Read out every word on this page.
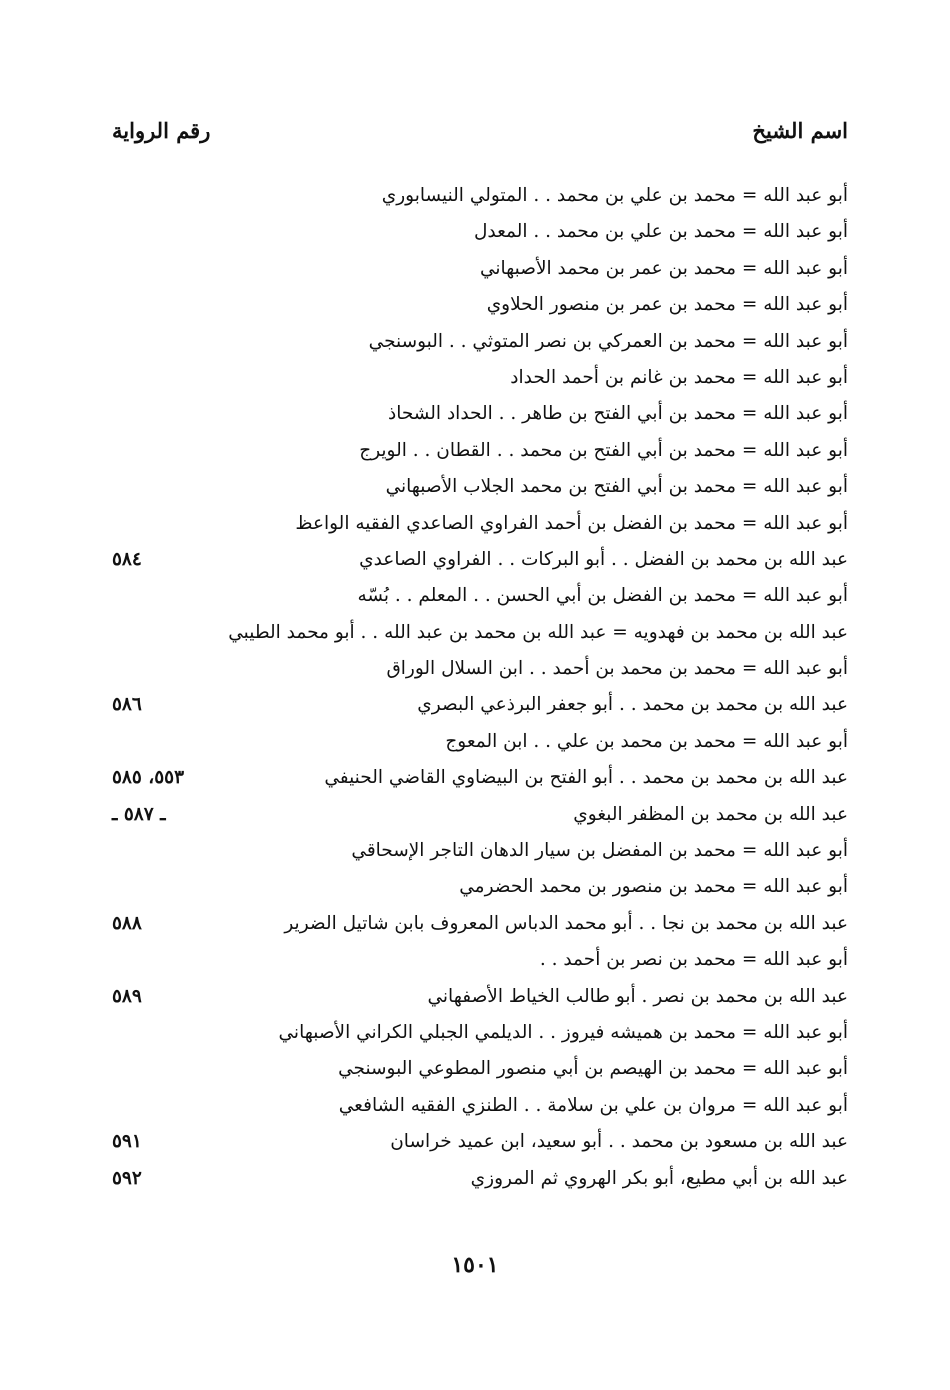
اسم الشيخ
رقم الرواية
أبو عبد الله = محمد بن علي بن محمد . . المتولي النيسابوري
أبو عبد الله = محمد بن علي بن محمد . . المعدل
أبو عبد الله = محمد بن عمر بن محمد الأصبهاني
أبو عبد الله = محمد بن عمر بن منصور الحلاوي
أبو عبد الله = محمد بن العمركي بن نصر المتوثي . . البوسنجي
أبو عبد الله = محمد بن غانم بن أحمد الحداد
أبو عبد الله = محمد بن أبي الفتح بن طاهر . . الحداد الشحاذ
أبو عبد الله = محمد بن أبي الفتح بن محمد . . القطان . . الويرج
أبو عبد الله = محمد بن أبي الفتح بن محمد الجلاب الأصبهاني
أبو عبد الله = محمد بن الفضل بن أحمد الفراوي الصاعدي الفقيه الواعظ
عبد الله بن محمد بن الفضل . . أبو البركات . . الفراوي الصاعدي
٥٨٤
أبو عبد الله = محمد بن الفضل بن أبي الحسن . . المعلم . . بُسّه
عبد الله بن محمد بن فهدويه = عبد الله بن محمد بن عبد الله . . أبو محمد الطيبي
أبو عبد الله = محمد بن محمد بن أحمد . . ابن السلال الوراق
عبد الله بن محمد بن محمد . . أبو جعفر البرذعي البصري
٥٨٦
أبو عبد الله = محمد بن محمد بن علي . . ابن المعوج
عبد الله بن محمد بن محمد . . أبو الفتح بن البيضاوي القاضي الحنيفي
٥٥٣، ٥٨٥
عبد الله بن محمد بن المظفر البغوي
ـ ٥٨٧ ـ
أبو عبد الله = محمد بن المفضل بن سيار الدهان التاجر الإسحاقي
أبو عبد الله = محمد بن منصور بن محمد الحضرمي
عبد الله بن محمد بن نجا . . أبو محمد الدباس المعروف بابن شاتيل الضرير
٥٨٨
أبو عبد الله = محمد بن نصر بن أحمد . .
عبد الله بن محمد بن نصر . أبو طالب الخياط الأصفهاني
٥٨٩
أبو عبد الله = محمد بن هميشه فيروز . . الديلمي الجبلي الكراني الأصبهاني
أبو عبد الله = محمد بن الهيصم بن أبي منصور المطوعي البوسنجي
أبو عبد الله = مروان بن علي بن سلامة . . الطنزي الفقيه الشافعي
عبد الله بن مسعود بن محمد . . أبو سعيد، ابن عميد خراسان
٥٩١
عبد الله بن أبي مطيع، أبو بكر الهروي ثم المروزي
٥٩٢
١٥٠١
